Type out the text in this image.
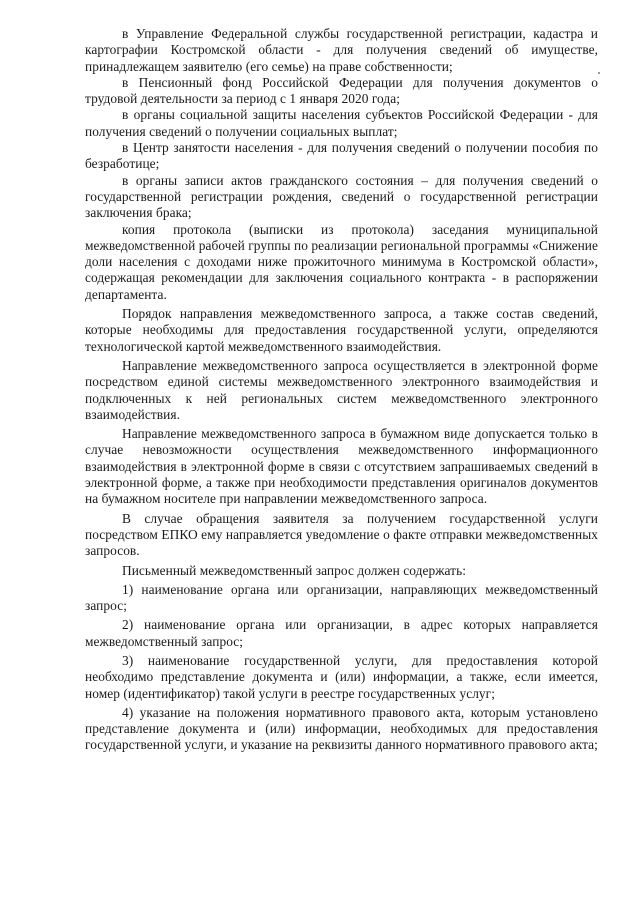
в Управление Федеральной службы государственной регистрации, кадастра и картографии Костромской области - для получения сведений об имуществе, принадлежащем заявителю (его семье) на праве собственности;

в Пенсионный фонд Российской Федерации для получения документов о трудовой деятельности за период с 1 января 2020 года;

в органы социальной защиты населения субъектов Российской Федерации - для получения сведений о получении социальных выплат;

в Центр занятости населения - для получения сведений о получении пособия по безработице;

в органы записи актов гражданского состояния – для получения сведений о государственной регистрации рождения, сведений о государственной регистрации заключения брака;

копия протокола (выписки из протокола) заседания муниципальной межведомственной рабочей группы по реализации региональной программы «Снижение доли населения с доходами ниже прожиточного минимума в Костромской области», содержащая рекомендации для заключения социального контракта - в распоряжении департамента.

Порядок направления межведомственного запроса, а также состав сведений, которые необходимы для предоставления государственной услуги, определяются технологической картой межведомственного взаимодействия.

Направление межведомственного запроса осуществляется в электронной форме посредством единой системы межведомственного электронного взаимодействия и подключенных к ней региональных систем межведомственного электронного взаимодействия.

Направление межведомственного запроса в бумажном виде допускается только в случае невозможности осуществления межведомственного информационного взаимодействия в электронной форме в связи с отсутствием запрашиваемых сведений в электронной форме, а также при необходимости представления оригиналов документов на бумажном носителе при направлении межведомственного запроса.

В случае обращения заявителя за получением государственной услуги посредством ЕПКО ему направляется уведомление о факте отправки межведомственных запросов.

Письменный межведомственный запрос должен содержать:

1) наименование органа или организации, направляющих межведомственный запрос;

2) наименование органа или организации, в адрес которых направляется межведомственный запрос;

3) наименование государственной услуги, для предоставления которой необходимо представление документа и (или) информации, а также, если имеется, номер (идентификатор) такой услуги в реестре государственных услуг;

4) указание на положения нормативного правового акта, которым установлено представление документа и (или) информации, необходимых для предоставления государственной услуги, и указание на реквизиты данного нормативного правового акта;
